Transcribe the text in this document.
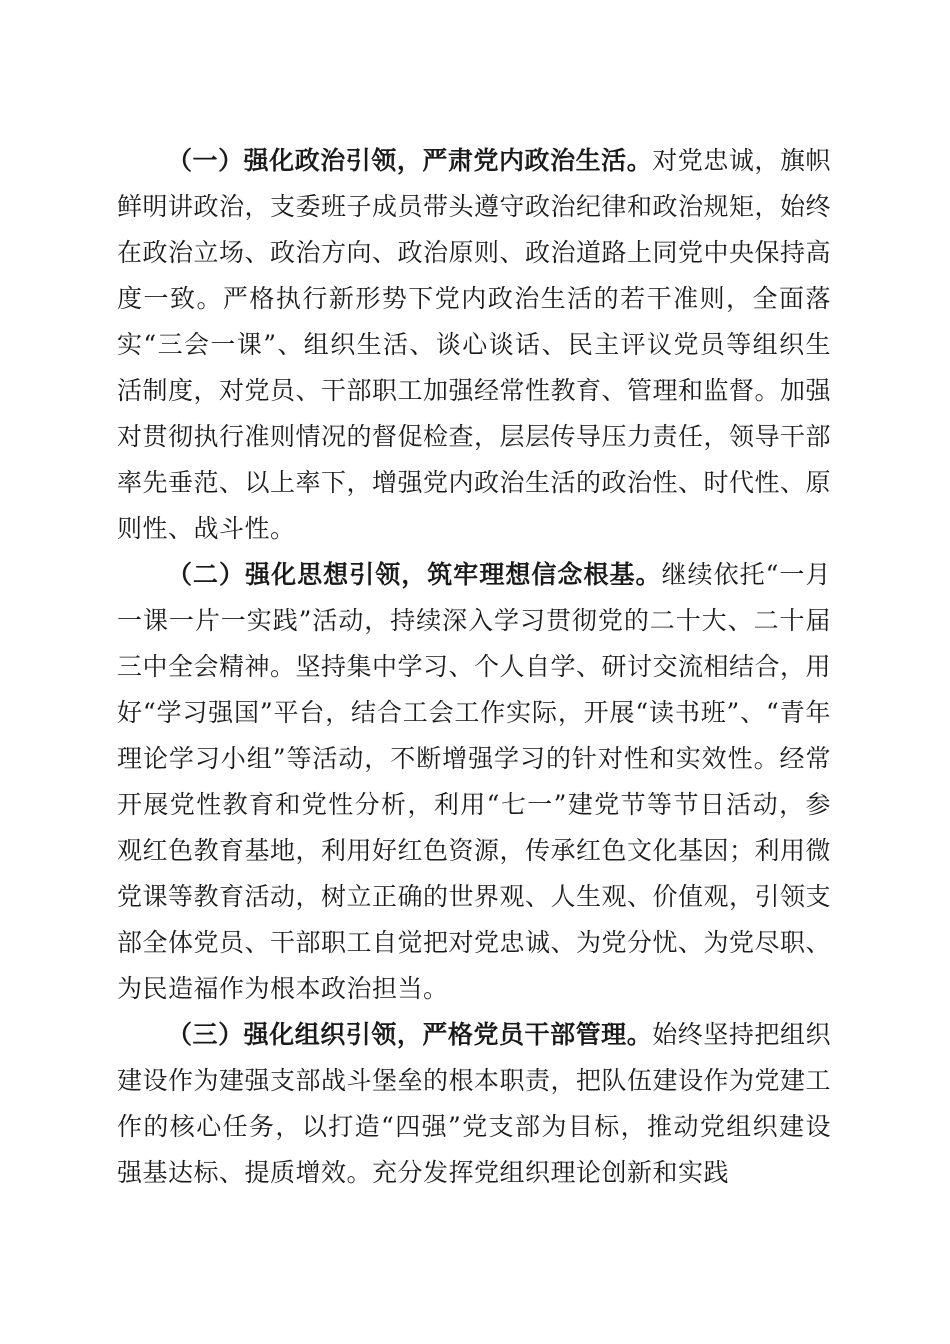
（一）强化政治引领，严肃党内政治生活。对党忠诚，旗帜鲜明讲政治，支委班子成员带头遵守政治纪律和政治规矩，始终在政治立场、政治方向、政治原则、政治道路上同党中央保持高度一致。严格执行新形势下党内政治生活的若干准则，全面落实“三会一课”、组织生活、谈心谈话、民主评议党员等组织生活制度，对党员、干部职工加强经常性教育、管理和监督。加强对贯彻执行准则情况的督促检查，层层传导压力责任，领导干部率先垂范、以上率下，增强党内政治生活的政治性、时代性、原则性、战斗性。

（二）强化思想引领，筑牢理想信念根基。继续依托“一月一课一片一实践”活动，持续深入学习贯彻党的二十大、二十届三中全会精神。坚持集中学习、个人自学、研讨交流相结合，用好“学习强国”平台，结合工会工作实际，开展“读书班”、“青年理论学习小组”等活动，不断增强学习的针对性和实效性。经常开展党性教育和党性分析，利用“七一”建党节等节日活动，参观红色教育基地，利用好红色资源，传承红色文化基因；利用微党课等教育活动，树立正确的世界观、人生观、价值观，引领支部全体党员、干部职工自觉把对党忠诚、为党分忧、为党尽职、为民造福作为根本政治担当。

（三）强化组织引领，严格党员干部管理。始终坚持把组织建设作为建强支部战斗堡垒的根本职责，把队伍建设作为党建工作的核心任务，以打造“四强”党支部为目标，推动党组织建设强基达标、提质增效。充分发挥党组织理论创新和实践
